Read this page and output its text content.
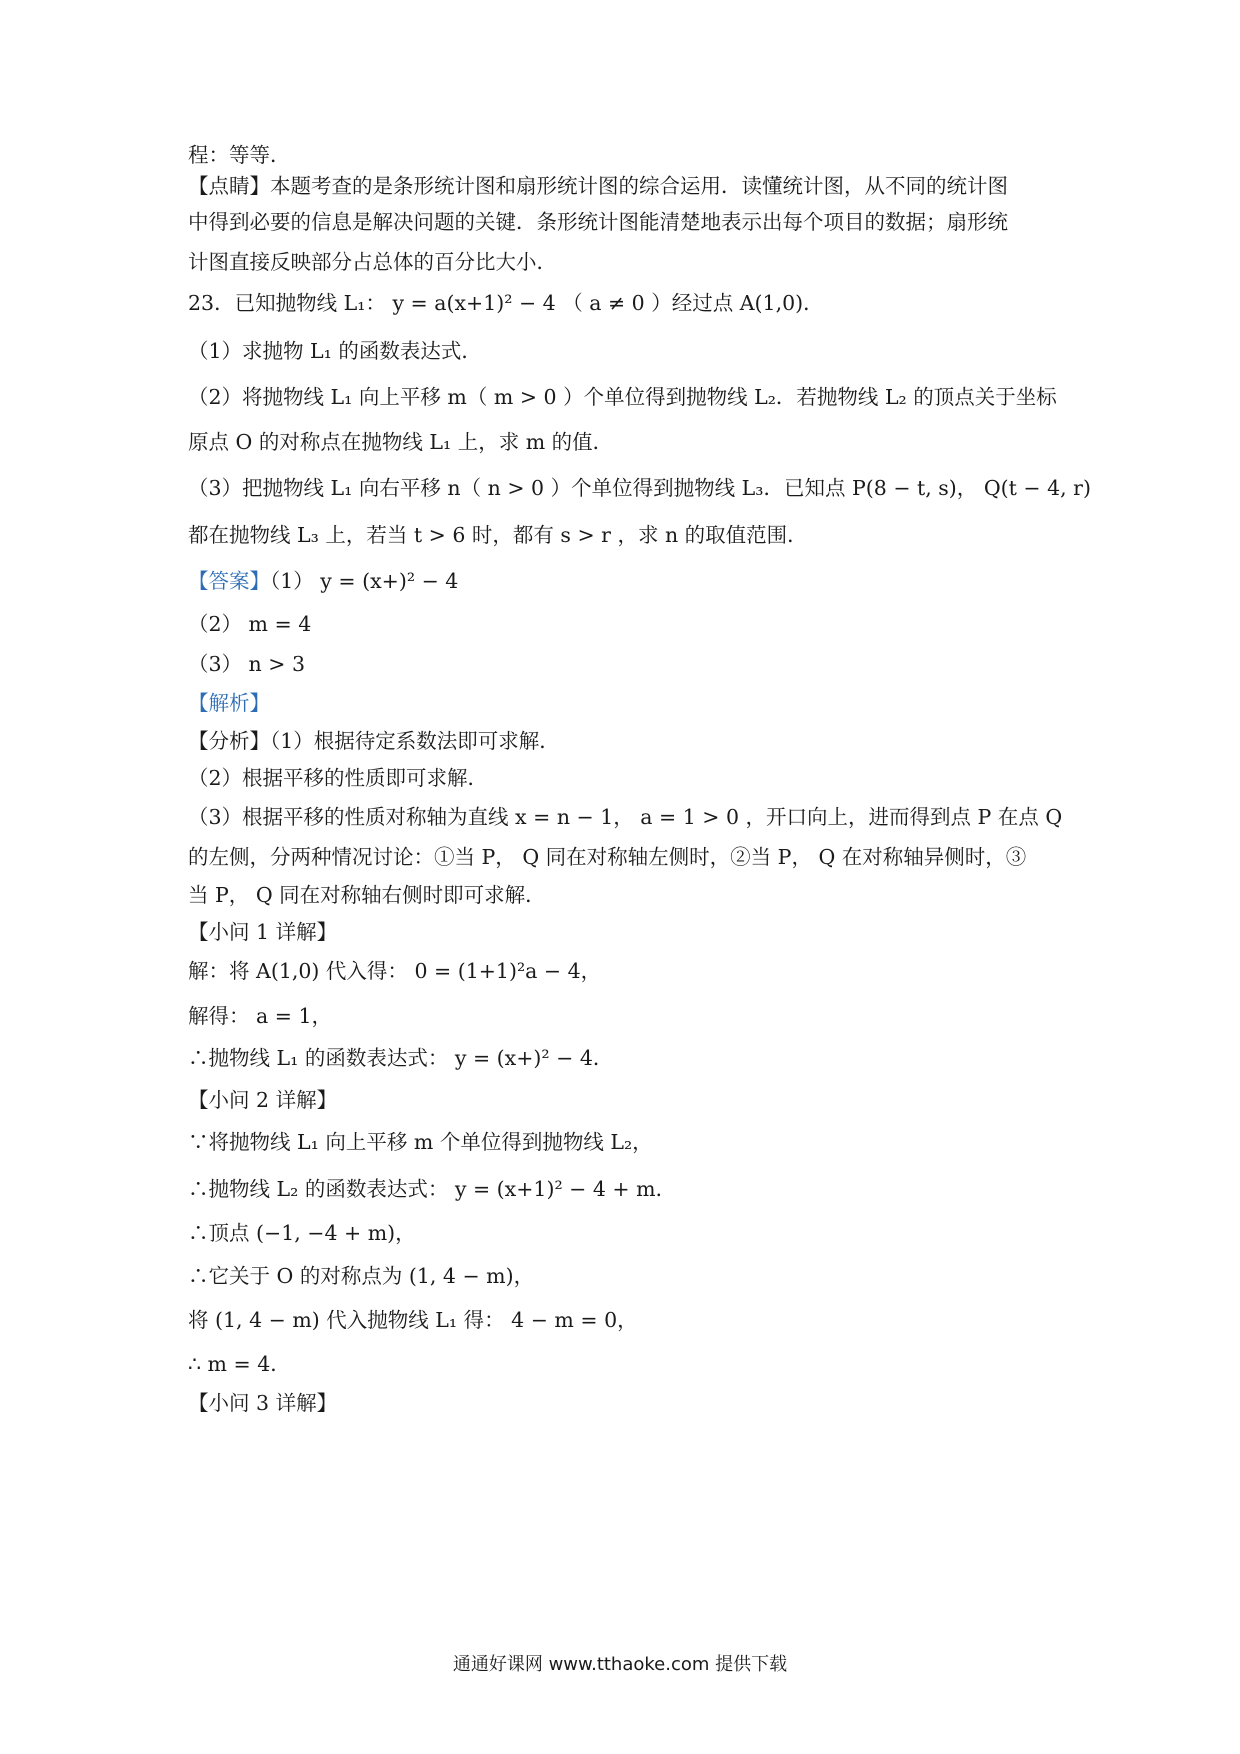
程：等等．
【点睛】本题考查的是条形统计图和扇形统计图的综合运用．读懂统计图，从不同的统计图
中得到必要的信息是解决问题的关键．条形统计图能清楚地表示出每个项目的数据；扇形统
计图直接反映部分占总体的百分比大小．
23．已知抛物线 L₁： y = a(x+1)² − 4 （ a ≠ 0 ）经过点 A(1,0)．
（1）求抛物 L₁ 的函数表达式．
（2）将抛物线 L₁ 向上平移 m（ m > 0 ）个单位得到抛物线 L₂．若抛物线 L₂ 的顶点关于坐标
原点 O 的对称点在抛物线 L₁ 上，求 m 的值．
（3）把抛物线 L₁ 向右平移 n（ n > 0 ）个单位得到抛物线 L₃．已知点 P(8 − t, s)， Q(t − 4, r)
都在抛物线 L₃ 上，若当 t > 6 时，都有 s > r ，求 n 的取值范围．
【答案】（1） y = (x+)² − 4
（2） m = 4
（3） n > 3
【解析】
【分析】（1）根据待定系数法即可求解．
（2）根据平移的性质即可求解．
（3）根据平移的性质对称轴为直线 x = n − 1， a = 1 > 0 ，开口向上，进而得到点 P 在点 Q
的左侧，分两种情况讨论：①当 P， Q 同在对称轴左侧时，②当 P， Q 在对称轴异侧时，③
当 P， Q 同在对称轴右侧时即可求解．
【小问 1 详解】
解：将 A(1,0) 代入得： 0 = (1+1)²a − 4，
解得： a = 1，
∴抛物线 L₁ 的函数表达式： y = (x+)² − 4．
【小问 2 详解】
∵将抛物线 L₁ 向上平移 m 个单位得到抛物线 L₂，
∴抛物线 L₂ 的函数表达式： y = (x+1)² − 4 + m．
∴顶点 (−1, −4 + m)，
∴它关于 O 的对称点为 (1, 4 − m)，
将 (1, 4 − m) 代入抛物线 L₁ 得： 4 − m = 0，
∴ m = 4．
【小问 3 详解】
通通好课网 www.tthaoke.com 提供下载
